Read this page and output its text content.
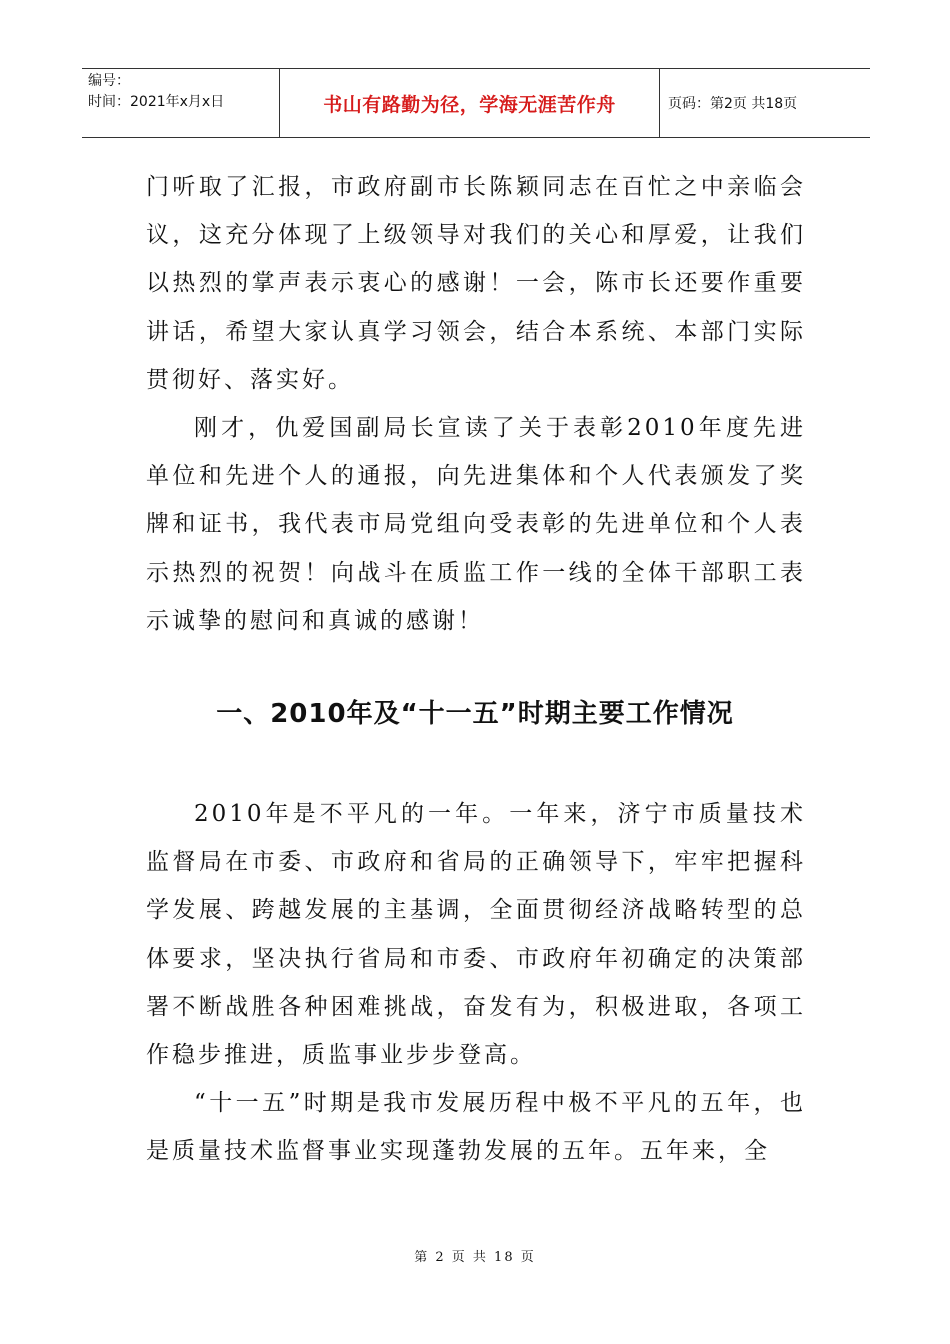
编号：
时间：2021年x月x日	书山有路勤为径，学海无涯苦作舟	页码：第2页 共18页

门听取了汇报，市政府副市长陈颖同志在百忙之中亲临会议，这充分体现了上级领导对我们的关心和厚爱，让我们以热烈的掌声表示衷心的感谢！一会，陈市长还要作重要讲话，希望大家认真学习领会，结合本系统、本部门实际贯彻好、落实好。

刚才，仇爱国副局长宣读了关于表彰2010年度先进单位和先进个人的通报，向先进集体和个人代表颁发了奖牌和证书，我代表市局党组向受表彰的先进单位和个人表示热烈的祝贺！向战斗在质监工作一线的全体干部职工表示诚挚的慰问和真诚的感谢！

一、2010年及“十一五”时期主要工作情况

2010年是不平凡的一年。一年来，济宁市质量技术监督局在市委、市政府和省局的正确领导下，牢牢把握科学发展、跨越发展的主基调，全面贯彻经济战略转型的总体要求，坚决执行省局和市委、市政府年初确定的决策部署不断战胜各种困难挑战，奋发有为，积极进取，各项工作稳步推进，质监事业步步登高。

“十一五”时期是我市发展历程中极不平凡的五年，也是质量技术监督事业实现蓬勃发展的五年。五年来，全

第 2 页 共 18 页
